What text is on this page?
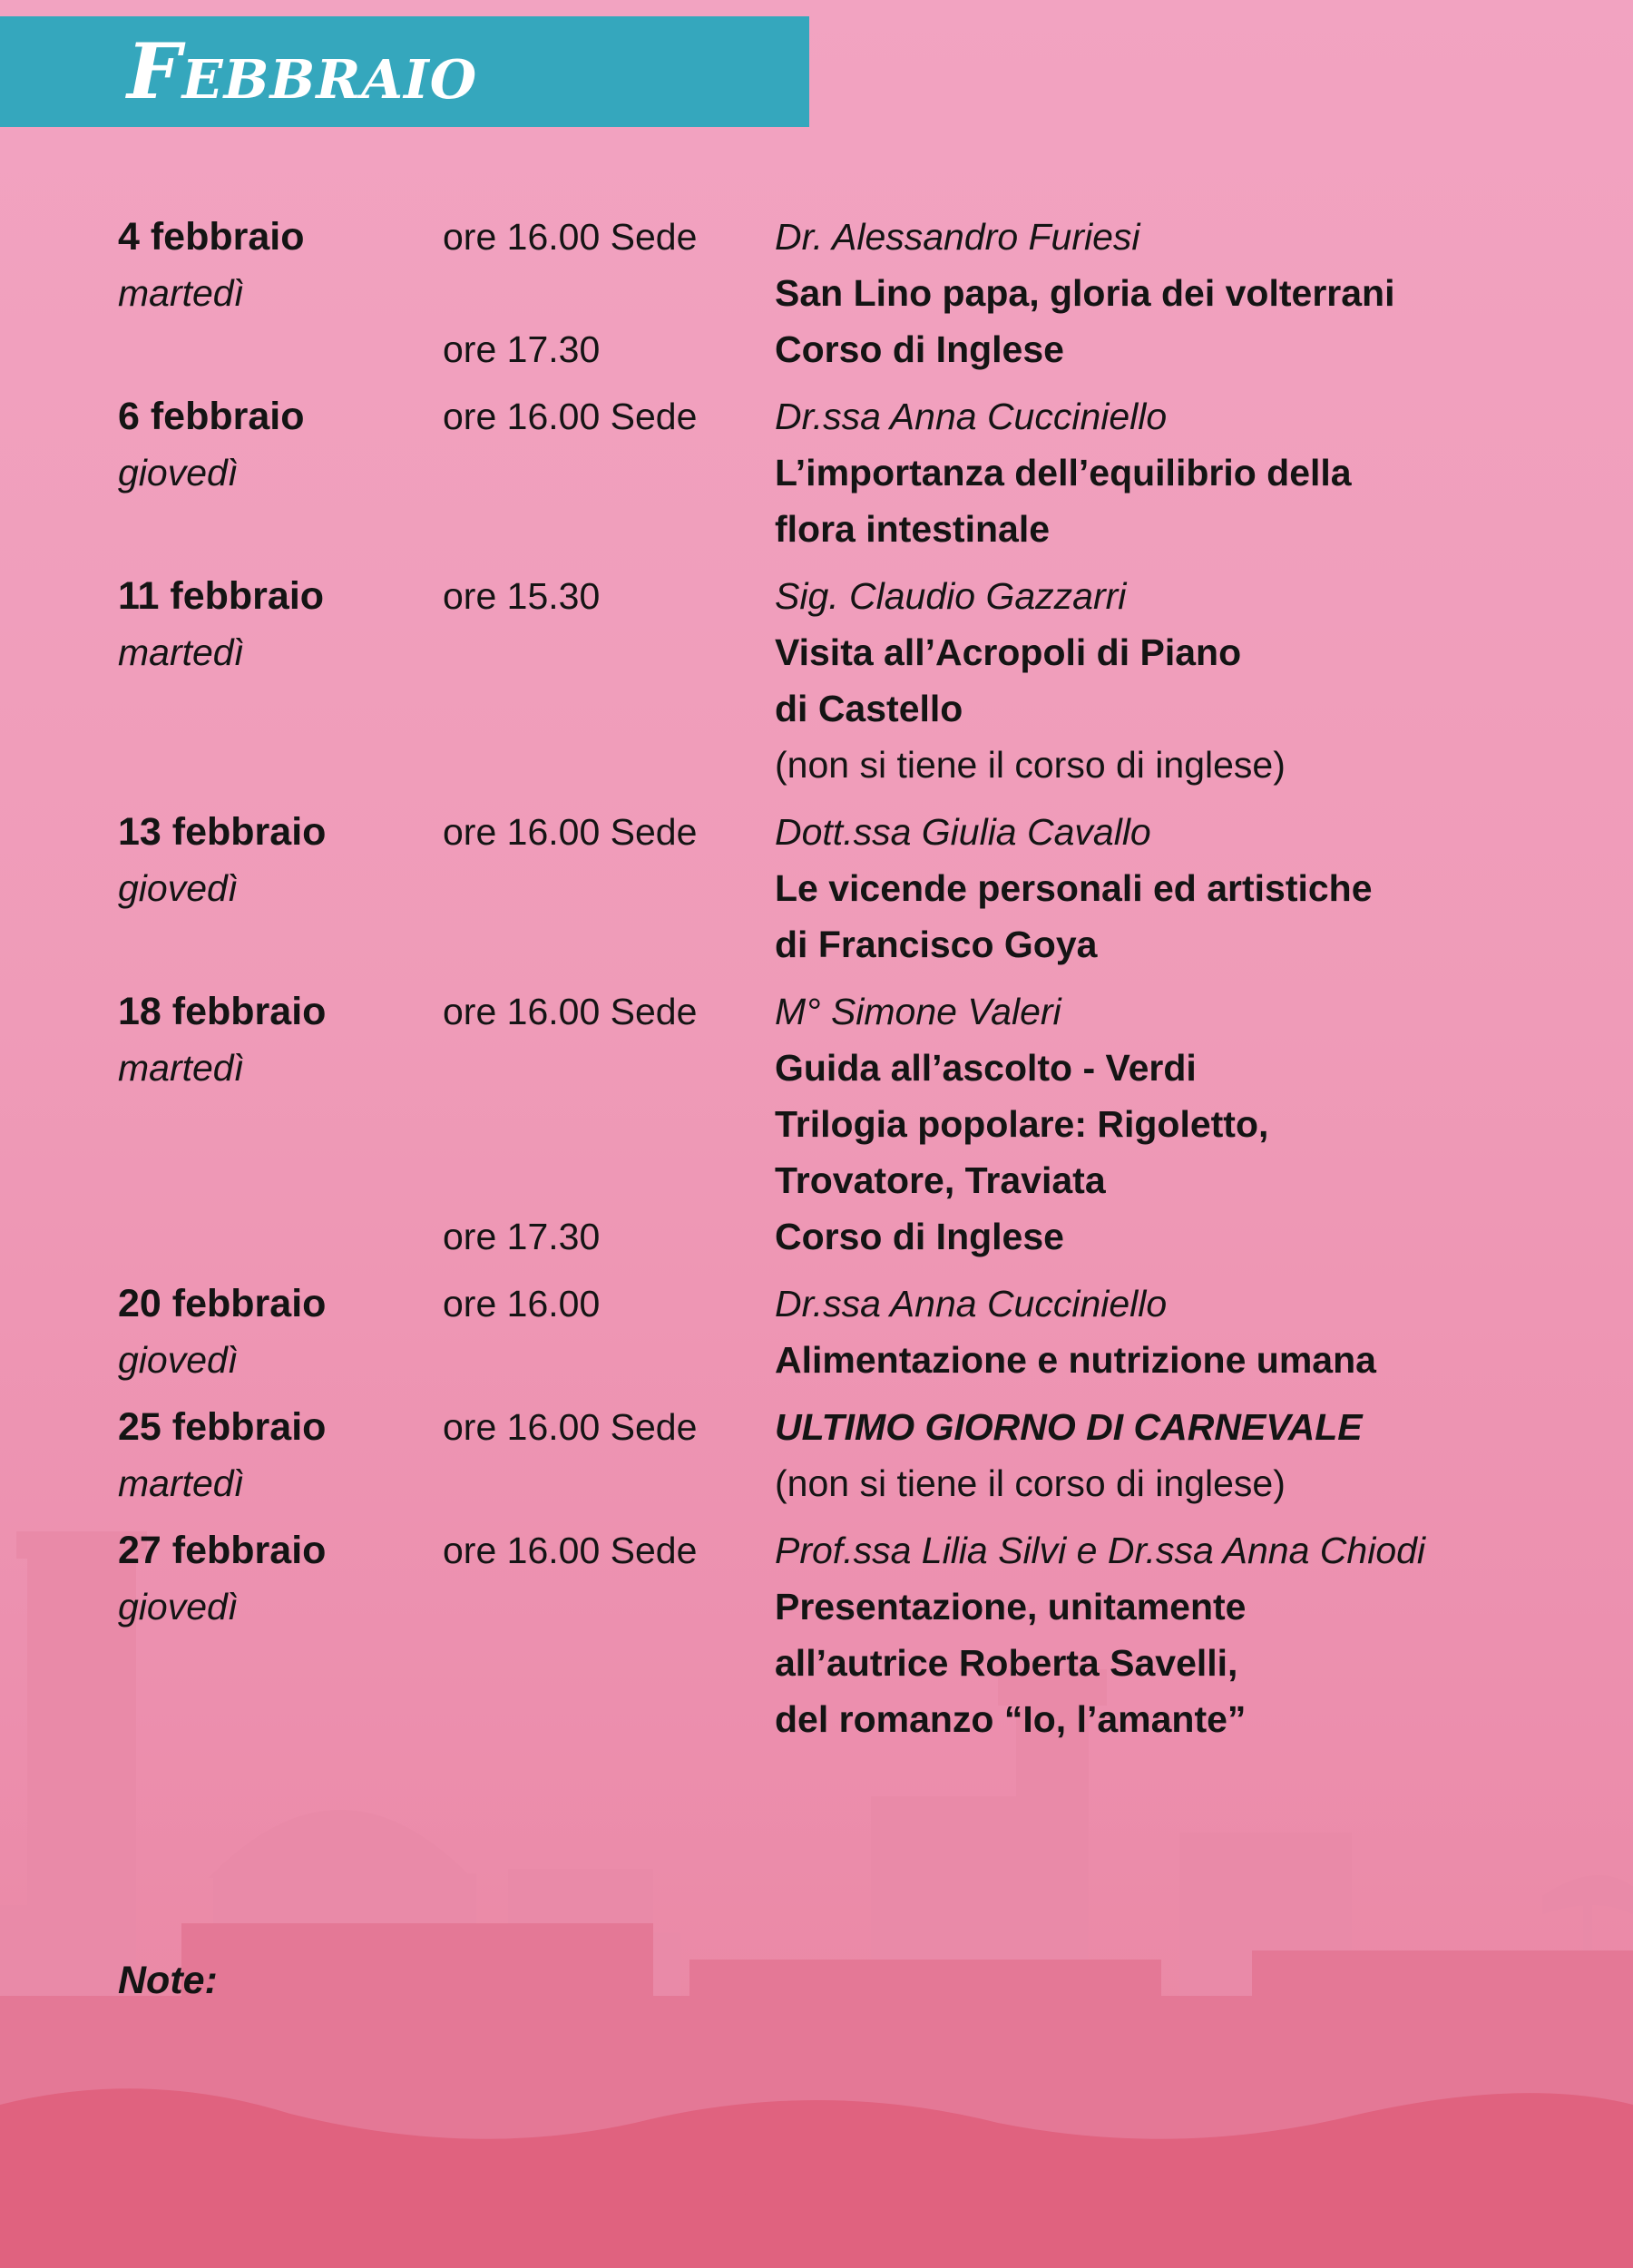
Febbraio
4 febbraio
martedì
ore 16.00 Sede	Dr. Alessandro Furiesi
San Lino papa, gloria dei volterrani
ore 17.30	Corso di Inglese
6 febbraio
giovedì
ore 16.00 Sede	Dr.ssa Anna Cucciniello
L’importanza dell’equilibrio della
flora intestinale
11 febbraio
martedì
ore 15.30	Sig. Claudio Gazzarri
Visita all’Acropoli di Piano
di Castello
(non si tiene il corso di inglese)
13 febbraio
giovedì
ore 16.00 Sede	Dott.ssa Giulia Cavallo
Le vicende personali ed artistiche
di Francisco Goya
18 febbraio
martedì
ore 16.00 Sede	M° Simone Valeri
Guida all’ascolto - Verdi
Trilogia popolare: Rigoletto,
Trovatore, Traviata
ore 17.30	Corso di Inglese
20 febbraio
giovedì
ore 16.00	Dr.ssa Anna Cucciniello
Alimentazione e nutrizione umana
25 febbraio
martedì
ore 16.00 Sede	ULTIMO GIORNO DI CARNEVALE
(non si tiene il corso di inglese)
27 febbraio
giovedì
ore 16.00 Sede	Prof.ssa Lilia Silvi e Dr.ssa Anna Chiodi
Presentazione, unitamente
all’autrice Roberta Savelli,
del romanzo “Io, l’amante”

Note:
